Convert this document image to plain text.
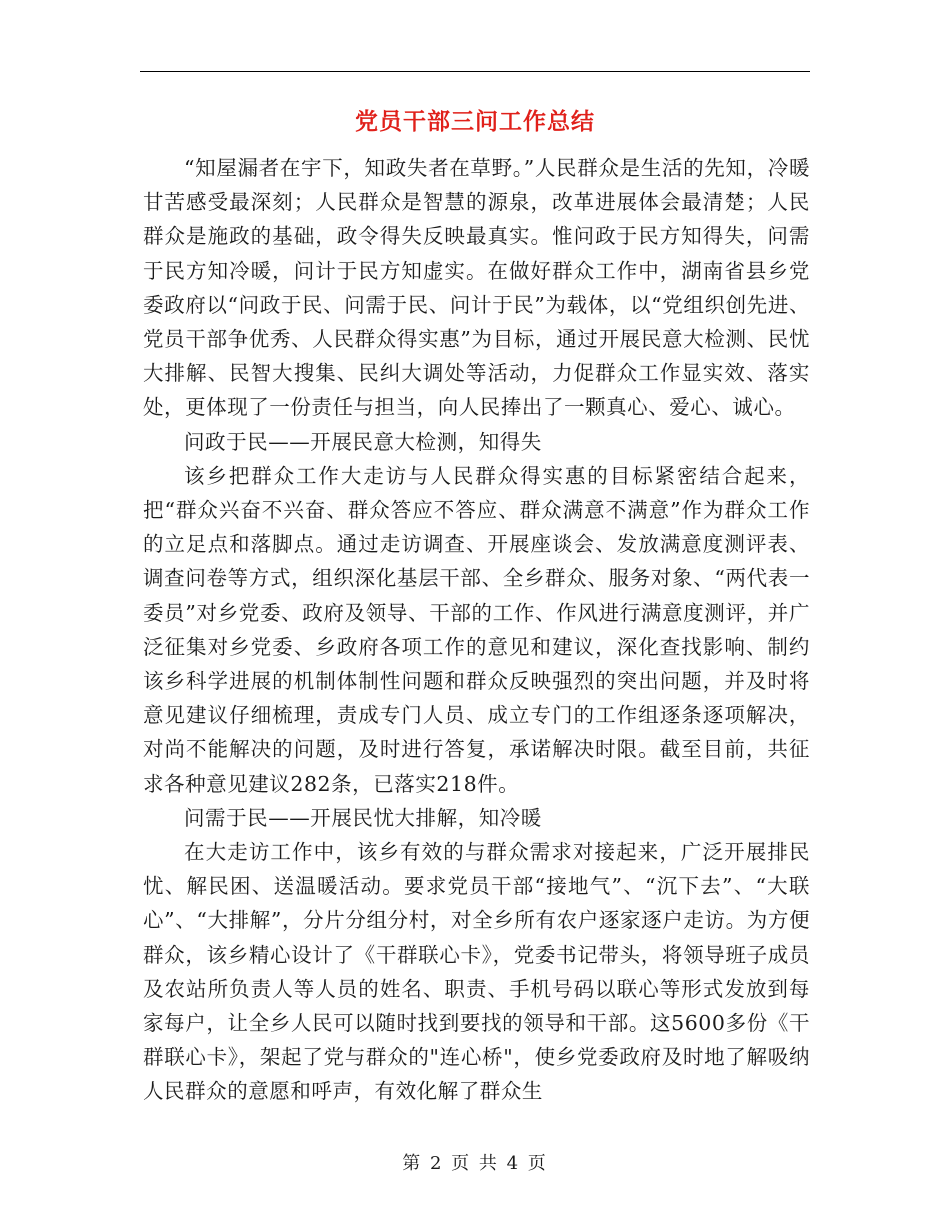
党员干部三问工作总结

“知屋漏者在宇下，知政失者在草野。”人民群众是生活的先知，冷暖甘苦感受最深刻；人民群众是智慧的源泉，改革进展体会最清楚；人民群众是施政的基础，政令得失反映最真实。惟问政于民方知得失，问需于民方知冷暖，问计于民方知虚实。在做好群众工作中，湖南省县乡党委政府以“问政于民、问需于民、问计于民”为载体，以“党组织创先进、党员干部争优秀、人民群众得实惠”为目标，通过开展民意大检测、民忧大排解、民智大搜集、民纠大调处等活动，力促群众工作显实效、落实处，更体现了一份责任与担当，向人民捧出了一颗真心、爱心、诚心。

问政于民——开展民意大检测，知得失

该乡把群众工作大走访与人民群众得实惠的目标紧密结合起来，把“群众兴奋不兴奋、群众答应不答应、群众满意不满意”作为群众工作的立足点和落脚点。通过走访调查、开展座谈会、发放满意度测评表、调查问卷等方式，组织深化基层干部、全乡群众、服务对象、“两代表一委员”对乡党委、政府及领导、干部的工作、作风进行满意度测评，并广泛征集对乡党委、乡政府各项工作的意见和建议，深化查找影响、制约该乡科学进展的机制体制性问题和群众反映强烈的突出问题，并及时将意见建议仔细梳理，责成专门人员、成立专门的工作组逐条逐项解决，对尚不能解决的问题，及时进行答复，承诺解决时限。截至目前，共征求各种意见建议282条，已落实218件。

问需于民——开展民忧大排解，知冷暖

在大走访工作中，该乡有效的与群众需求对接起来，广泛开展排民忧、解民困、送温暖活动。要求党员干部“接地气”、“沉下去”、“大联心”、“大排解”，分片分组分村，对全乡所有农户逐家逐户走访。为方便群众，该乡精心设计了《干群联心卡》，党委书记带头，将领导班子成员及农站所负责人等人员的姓名、职责、手机号码以联心等形式发放到每家每户，让全乡人民可以随时找到要找的领导和干部。这5600多份《干群联心卡》，架起了党与群众的"连心桥"，使乡党委政府及时地了解吸纳人民群众的意愿和呼声，有效化解了群众生

第 2 页 共 4 页
